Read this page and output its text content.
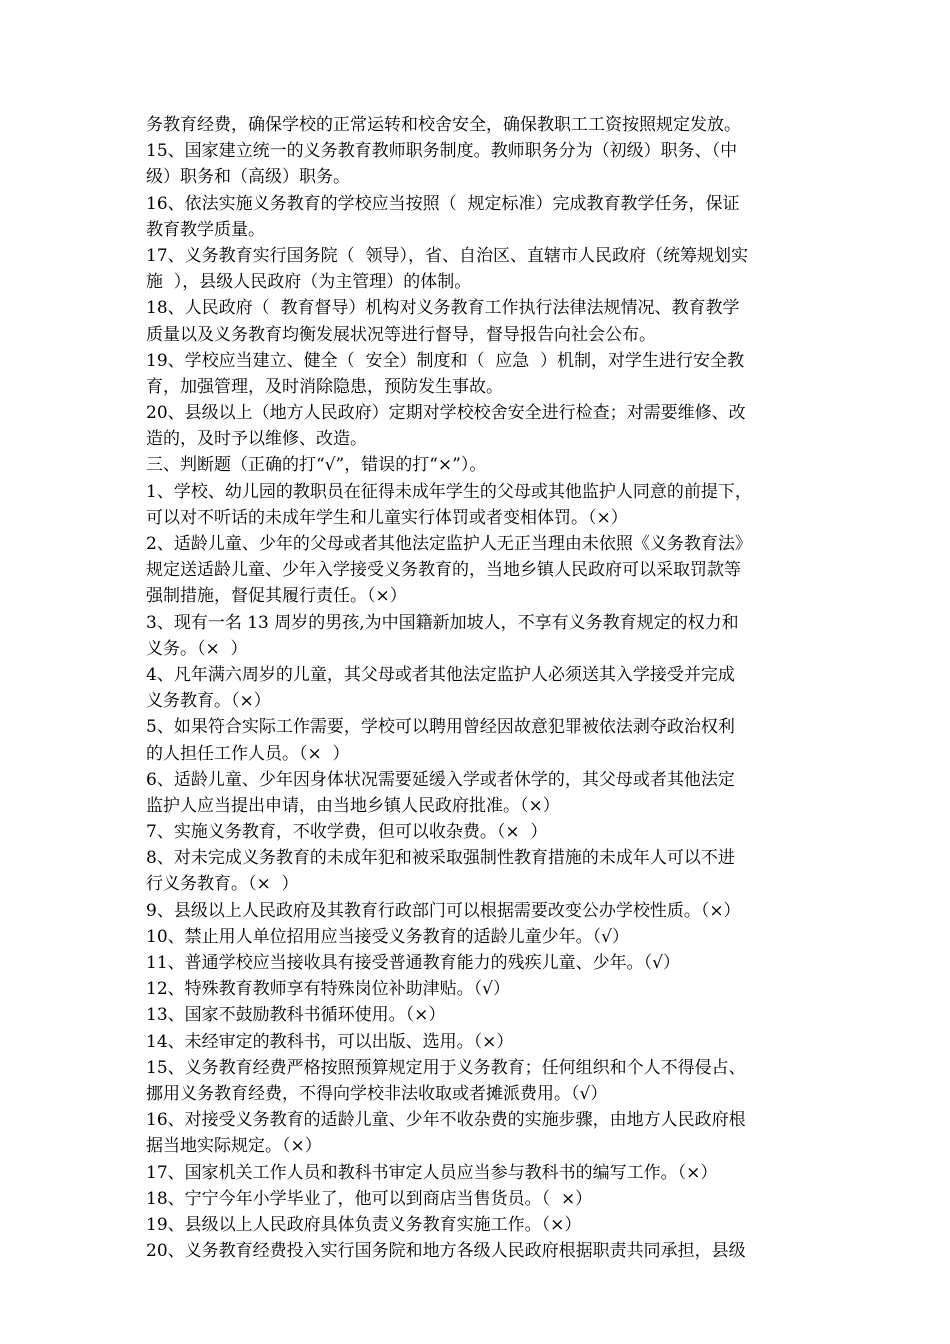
务教育经费，确保学校的正常运转和校舍安全，确保教职工工资按照规定发放。
15、国家建立统一的义务教育教师职务制度。教师职务分为（初级）职务、（中
级）职务和（高级）职务。
16、依法实施义务教育的学校应当按照（  规定标准）完成教育教学任务，保证
教育教学质量。
17、义务教育实行国务院（  领导），省、自治区、直辖市人民政府（统筹规划实
施  ），县级人民政府（为主管理）的体制。
18、人民政府（  教育督导）机构对义务教育工作执行法律法规情况、教育教学
质量以及义务教育均衡发展状况等进行督导，督导报告向社会公布。
19、学校应当建立、健全（  安全）制度和（  应急  ）机制，对学生进行安全教
育，加强管理，及时消除隐患，预防发生事故。
20、县级以上（地方人民政府）定期对学校校舍安全进行检查；对需要维修、改
造的，及时予以维修、改造。
三、判断题（正确的打“√”，错误的打“×”）。
1、学校、幼儿园的教职员在征得未成年学生的父母或其他监护人同意的前提下，
可以对不听话的未成年学生和儿童实行体罚或者变相体罚。（×）
2、适龄儿童、少年的父母或者其他法定监护人无正当理由未依照《义务教育法》
规定送适龄儿童、少年入学接受义务教育的，当地乡镇人民政府可以采取罚款等
强制措施，督促其履行责任。（×）
3、现有一名 13 周岁的男孩,为中国籍新加坡人，不享有义务教育规定的权力和
义务。（×  ）
4、凡年满六周岁的儿童，其父母或者其他法定监护人必须送其入学接受并完成
义务教育。（×）
5、如果符合实际工作需要，学校可以聘用曾经因故意犯罪被依法剥夺政治权利
的人担任工作人员。（×  ）
6、适龄儿童、少年因身体状况需要延缓入学或者休学的，其父母或者其他法定
监护人应当提出申请，由当地乡镇人民政府批准。（×）
7、实施义务教育，不收学费，但可以收杂费。（×  ）
8、对未完成义务教育的未成年犯和被采取强制性教育措施的未成年人可以不进
行义务教育。（×  ）
9、县级以上人民政府及其教育行政部门可以根据需要改变公办学校性质。（×）
10、禁止用人单位招用应当接受义务教育的适龄儿童少年。（√）
11、普通学校应当接收具有接受普通教育能力的残疾儿童、少年。（√）
12、特殊教育教师享有特殊岗位补助津贴。（√）
13、国家不鼓励教科书循环使用。（×）
14、未经审定的教科书，可以出版、选用。（×）
15、义务教育经费严格按照预算规定用于义务教育；任何组织和个人不得侵占、
挪用义务教育经费，不得向学校非法收取或者摊派费用。（√）
16、对接受义务教育的适龄儿童、少年不收杂费的实施步骤，由地方人民政府根
据当地实际规定。（×）
17、国家机关工作人员和教科书审定人员应当参与教科书的编写工作。（×）
18、宁宁今年小学毕业了，他可以到商店当售货员。（  ×）
19、县级以上人民政府具体负责义务教育实施工作。（×）
20、义务教育经费投入实行国务院和地方各级人民政府根据职责共同承担，县级
